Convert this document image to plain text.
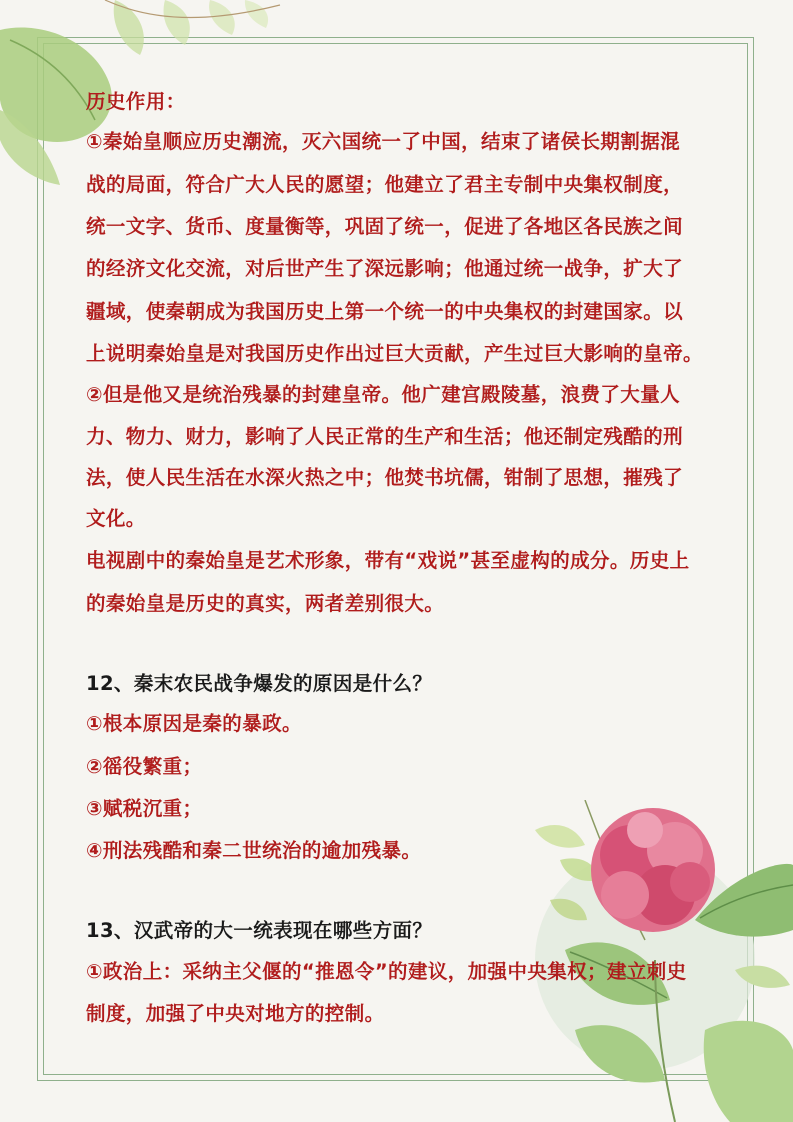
历史作用：
①秦始皇顺应历史潮流，灭六国统一了中国，结束了诸侯长期割据混
战的局面，符合广大人民的愿望；他建立了君主专制中央集权制度，
统一文字、货币、度量衡等，巩固了统一，促进了各地区各民族之间
的经济文化交流，对后世产生了深远影响；他通过统一战争，扩大了
疆域，使秦朝成为我国历史上第一个统一的中央集权的封建国家。以
上说明秦始皇是对我国历史作出过巨大贡献，产生过巨大影响的皇帝。
②但是他又是统治残暴的封建皇帝。他广建宫殿陵墓，浪费了大量人
力、物力、财力，影响了人民正常的生产和生活；他还制定残酷的刑
法，使人民生活在水深火热之中；他焚书坑儒，钳制了思想，摧残了
文化。
电视剧中的秦始皇是艺术形象，带有“戏说”甚至虚构的成分。历史上
的秦始皇是历史的真实，两者差别很大。
12、秦末农民战争爆发的原因是什么？
①根本原因是秦的暴政。
②徭役繁重；
③赋税沉重；
④刑法残酷和秦二世统治的逾加残暴。
13、汉武帝的大一统表现在哪些方面？
①政治上：采纳主父偃的“推恩令”的建议，加强中央集权；建立刺史
制度，加强了中央对地方的控制。
